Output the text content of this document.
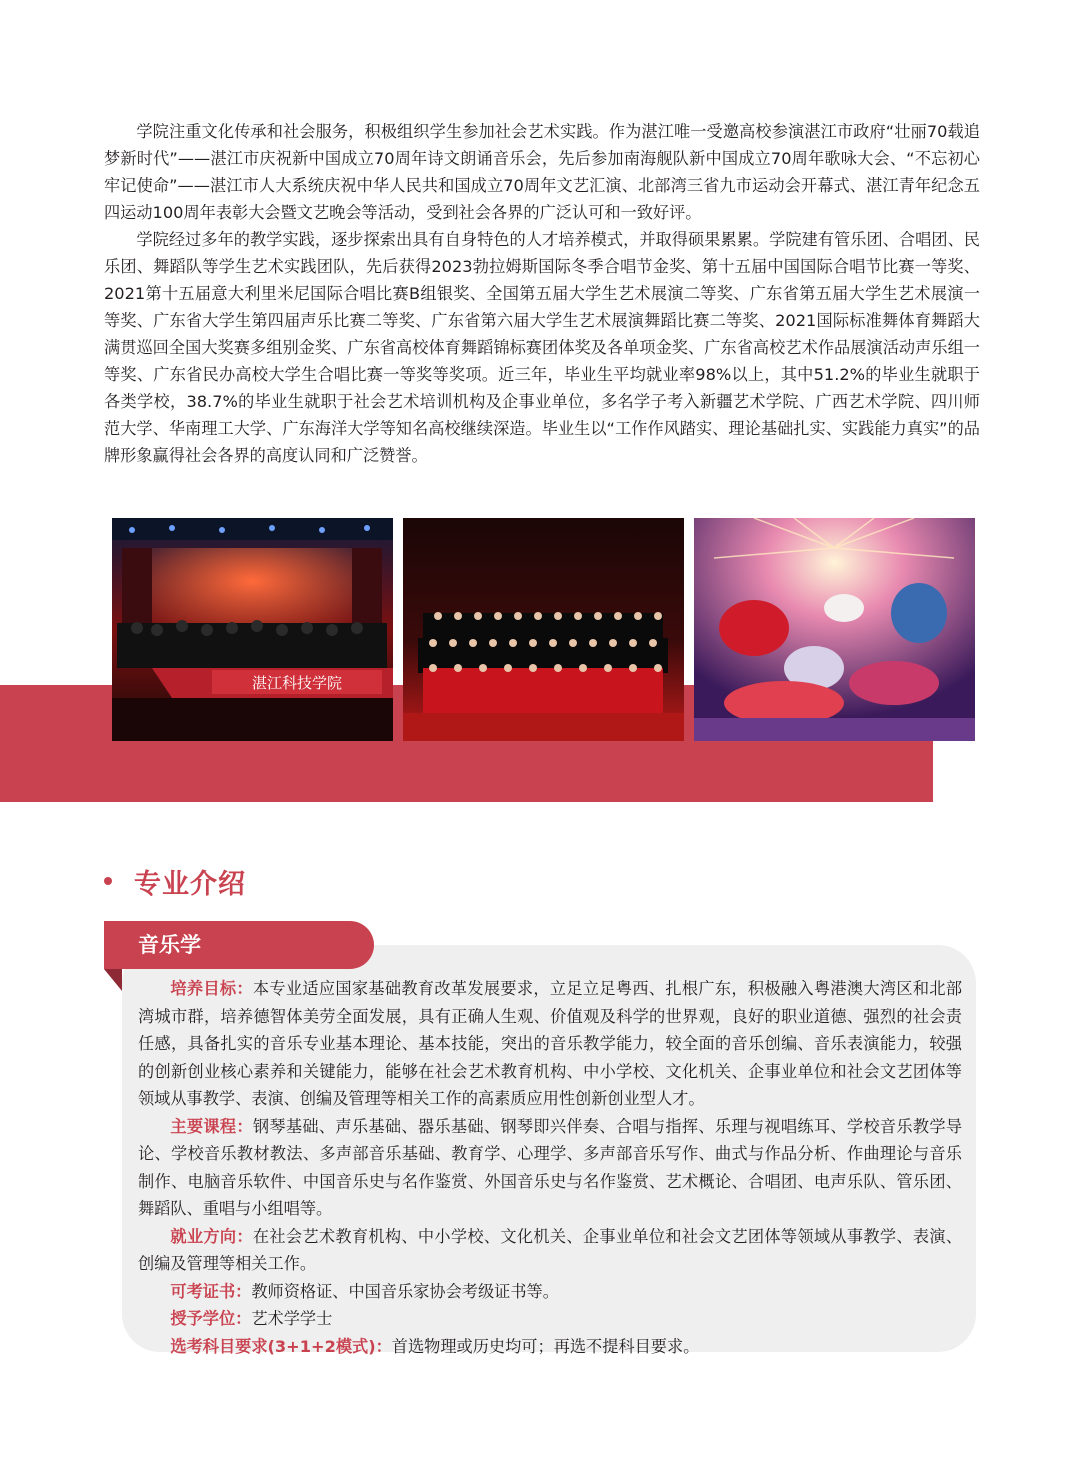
学院注重文化传承和社会服务，积极组织学生参加社会艺术实践。作为湛江唯一受邀高校参演湛江市政府“壮丽70载追梦新时代”——湛江市庆祝新中国成立70周年诗文朗诵音乐会，先后参加南海舰队新中国成立70周年歌咏大会、“不忘初心 牢记使命”——湛江市人大系统庆祝中华人民共和国成立70周年文艺汇演、北部湾三省九市运动会开幕式、湛江青年纪念五四运动100周年表彰大会暨文艺晚会等活动，受到社会各界的广泛认可和一致好评。

学院经过多年的教学实践，逐步探索出具有自身特色的人才培养模式，并取得硕果累累。学院建有管乐团、合唱团、民乐团、舞蹈队等学生艺术实践团队，先后获得2023勃拉姆斯国际冬季合唱节金奖、第十五届中国国际合唱节比赛一等奖、2021第十五届意大利里米尼国际合唱比赛B组银奖、全国第五届大学生艺术展演二等奖、广东省第五届大学生艺术展演一等奖、广东省大学生第四届声乐比赛二等奖、广东省第六届大学生艺术展演舞蹈比赛二等奖、2021国际标准舞体育舞蹈大满贯巡回全国大奖赛多组别金奖、广东省高校体育舞蹈锦标赛团体奖及各单项金奖、广东省高校艺术作品展演活动声乐组一等奖、广东省民办高校大学生合唱比赛一等奖等奖项。近三年，毕业生平均就业率98%以上，其中51.2%的毕业生就职于各类学校，38.7%的毕业生就职于社会艺术培训机构及企事业单位，多名学子考入新疆艺术学院、广西艺术学院、四川师范大学、华南理工大学、广东海洋大学等知名高校继续深造。毕业生以“工作作风踏实、理论基础扎实、实践能力真实”的品牌形象赢得社会各界的高度认同和广泛赞誉。

湛江科技学院
专业介绍
音乐学

培养目标：本专业适应国家基础教育改革发展要求，立足立足粤西、扎根广东，积极融入粤港澳大湾区和北部湾城市群，培养德智体美劳全面发展，具有正确人生观、价值观及科学的世界观，良好的职业道德、强烈的社会责任感，具备扎实的音乐专业基本理论、基本技能，突出的音乐教学能力，较全面的音乐创编、音乐表演能力，较强的创新创业核心素养和关键能力，能够在社会艺术教育机构、中小学校、文化机关、企事业单位和社会文艺团体等领域从事教学、表演、创编及管理等相关工作的高素质应用性创新创业型人才。

主要课程：钢琴基础、声乐基础、器乐基础、钢琴即兴伴奏、合唱与指挥、乐理与视唱练耳、学校音乐教学导论、学校音乐教材教法、多声部音乐基础、教育学、心理学、多声部音乐写作、曲式与作品分析、作曲理论与音乐制作、电脑音乐软件、中国音乐史与名作鉴赏、外国音乐史与名作鉴赏、艺术概论、合唱团、电声乐队、管乐团、舞蹈队、重唱与小组唱等。

就业方向：在社会艺术教育机构、中小学校、文化机关、企事业单位和社会文艺团体等领域从事教学、表演、创编及管理等相关工作。

可考证书：教师资格证、中国音乐家协会考级证书等。

授予学位：艺术学学士

选考科目要求(3+1+2模式)：首选物理或历史均可；再选不提科目要求。
